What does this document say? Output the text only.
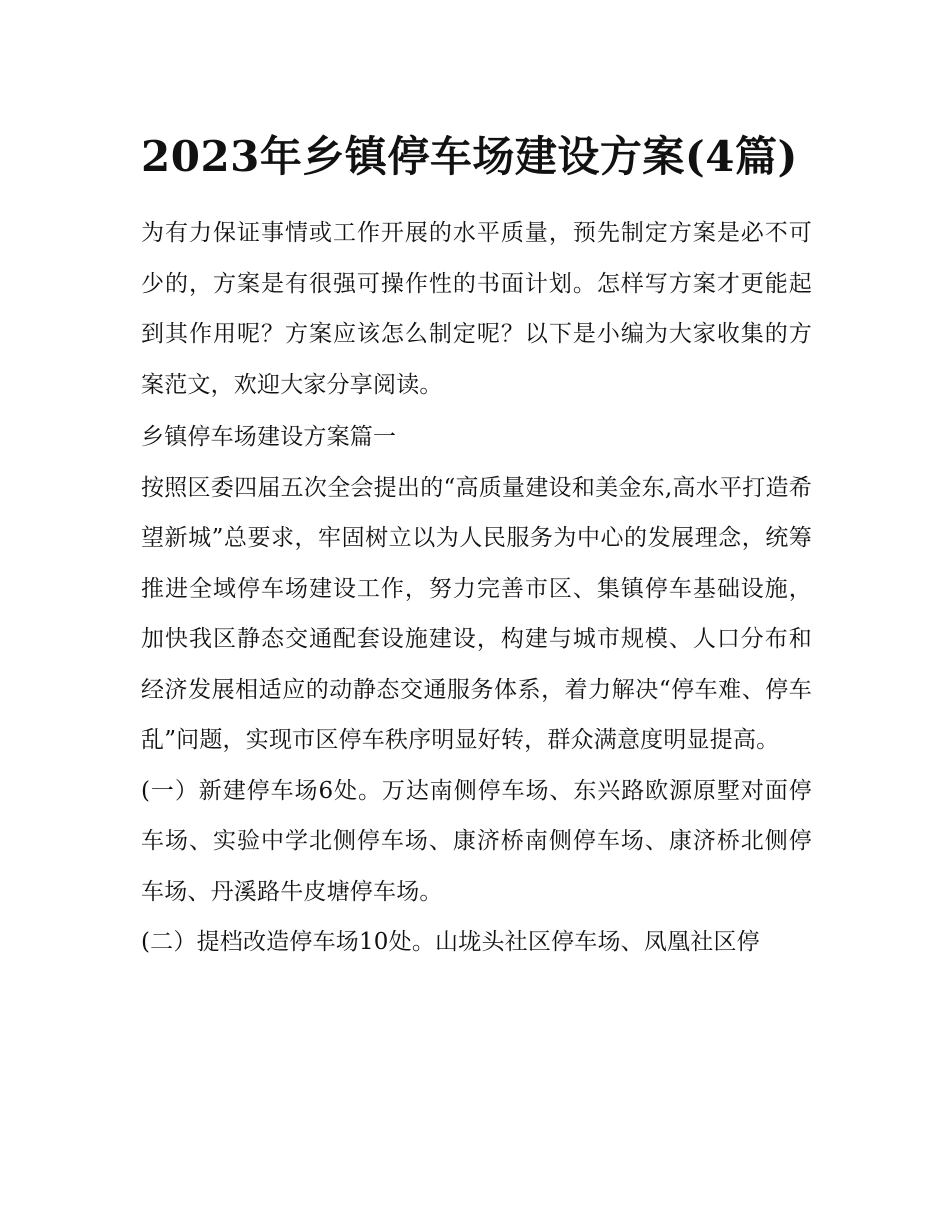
2023年乡镇停车场建设方案(4篇)

为有力保证事情或工作开展的水平质量，预先制定方案是必不可少的，方案是有很强可操作性的书面计划。怎样写方案才更能起到其作用呢？方案应该怎么制定呢？以下是小编为大家收集的方案范文，欢迎大家分享阅读。

乡镇停车场建设方案篇一

按照区委四届五次全会提出的“高质量建设和美金东,高水平打造希望新城”总要求，牢固树立以为人民服务为中心的发展理念，统筹推进全域停车场建设工作，努力完善市区、集镇停车基础设施，加快我区静态交通配套设施建设，构建与城市规模、人口分布和经济发展相适应的动静态交通服务体系，着力解决“停车难、停车乱”问题，实现市区停车秩序明显好转，群众满意度明显提高。

(一）新建停车场6处。万达南侧停车场、东兴路欧源原墅对面停车场、实验中学北侧停车场、康济桥南侧停车场、康济桥北侧停车场、丹溪路牛皮塘停车场。

(二）提档改造停车场10处。山垅头社区停车场、凤凰社区停
